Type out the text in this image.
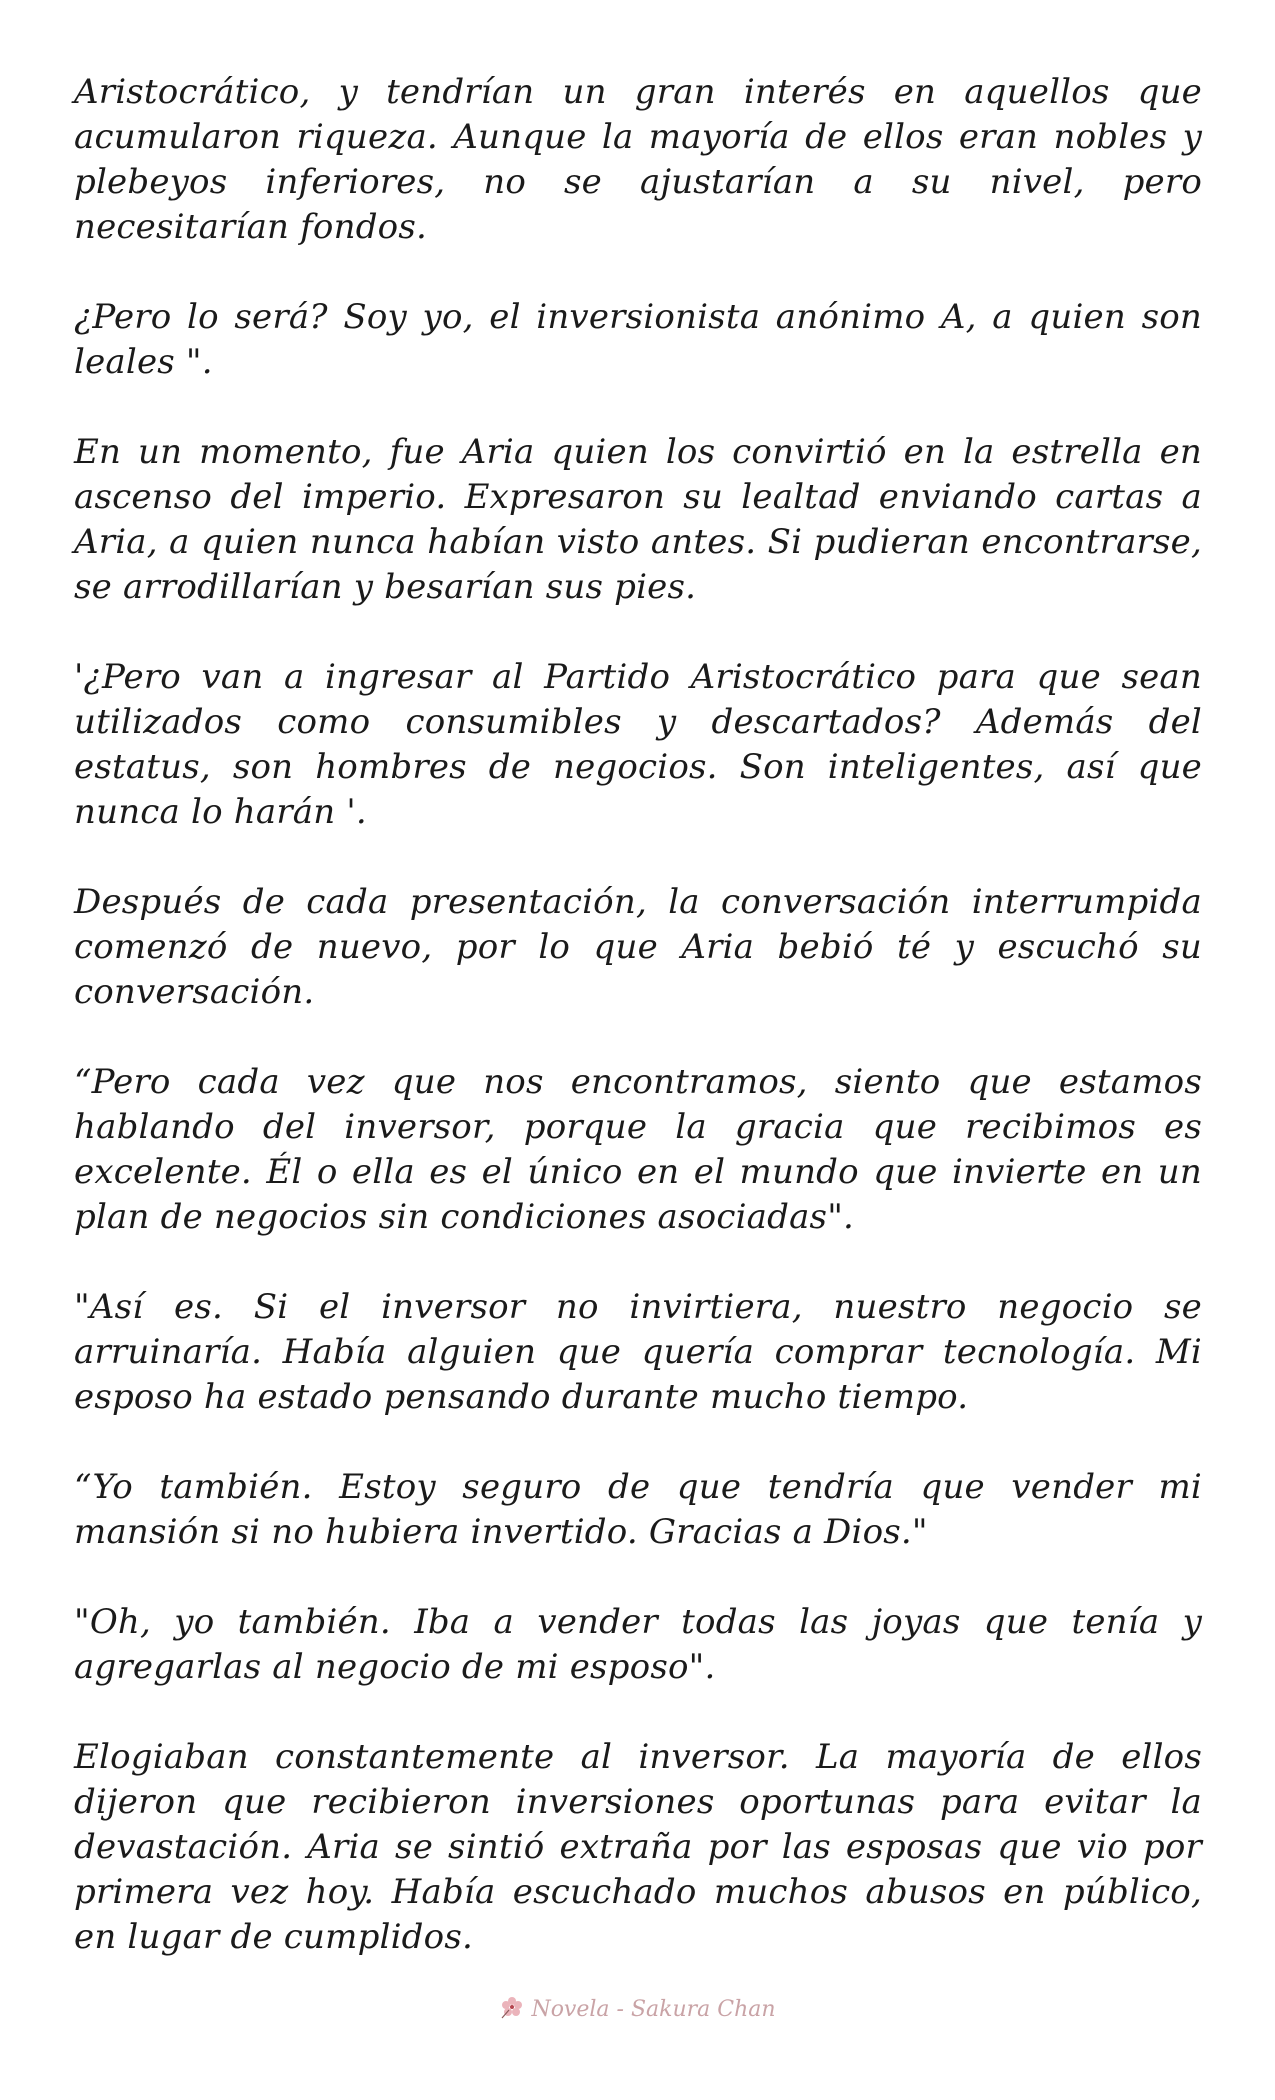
Aristocrático, y tendrían un gran interés en aquellos que acumularon riqueza. Aunque la mayoría de ellos eran nobles y plebeyos inferiores, no se ajustarían a su nivel, pero necesitarían fondos.

¿Pero lo será? Soy yo, el inversionista anónimo A, a quien son leales ".

En un momento, fue Aria quien los convirtió en la estrella en ascenso del imperio. Expresaron su lealtad enviando cartas a Aria, a quien nunca habían visto antes. Si pudieran encontrarse, se arrodillarían y besarían sus pies.

'¿Pero van a ingresar al Partido Aristocrático para que sean utilizados como consumibles y descartados? Además del estatus, son hombres de negocios. Son inteligentes, así que nunca lo harán '.

Después de cada presentación, la conversación interrumpida comenzó de nuevo, por lo que Aria bebió té y escuchó su conversación.

“Pero cada vez que nos encontramos, siento que estamos hablando del inversor, porque la gracia que recibimos es excelente. Él o ella es el único en el mundo que invierte en un plan de negocios sin condiciones asociadas".

"Así es. Si el inversor no invirtiera, nuestro negocio se arruinaría. Había alguien que quería comprar tecnología. Mi esposo ha estado pensando durante mucho tiempo.

“Yo también. Estoy seguro de que tendría que vender mi mansión si no hubiera invertido. Gracias a Dios."

"Oh, yo también. Iba a vender todas las joyas que tenía y agregarlas al negocio de mi esposo".

Elogiaban constantemente al inversor. La mayoría de ellos dijeron que recibieron inversiones oportunas para evitar la devastación. Aria se sintió extraña por las esposas que vio por primera vez hoy. Había escuchado muchos abusos en público, en lugar de cumplidos.

Novela - Sakura Chan
